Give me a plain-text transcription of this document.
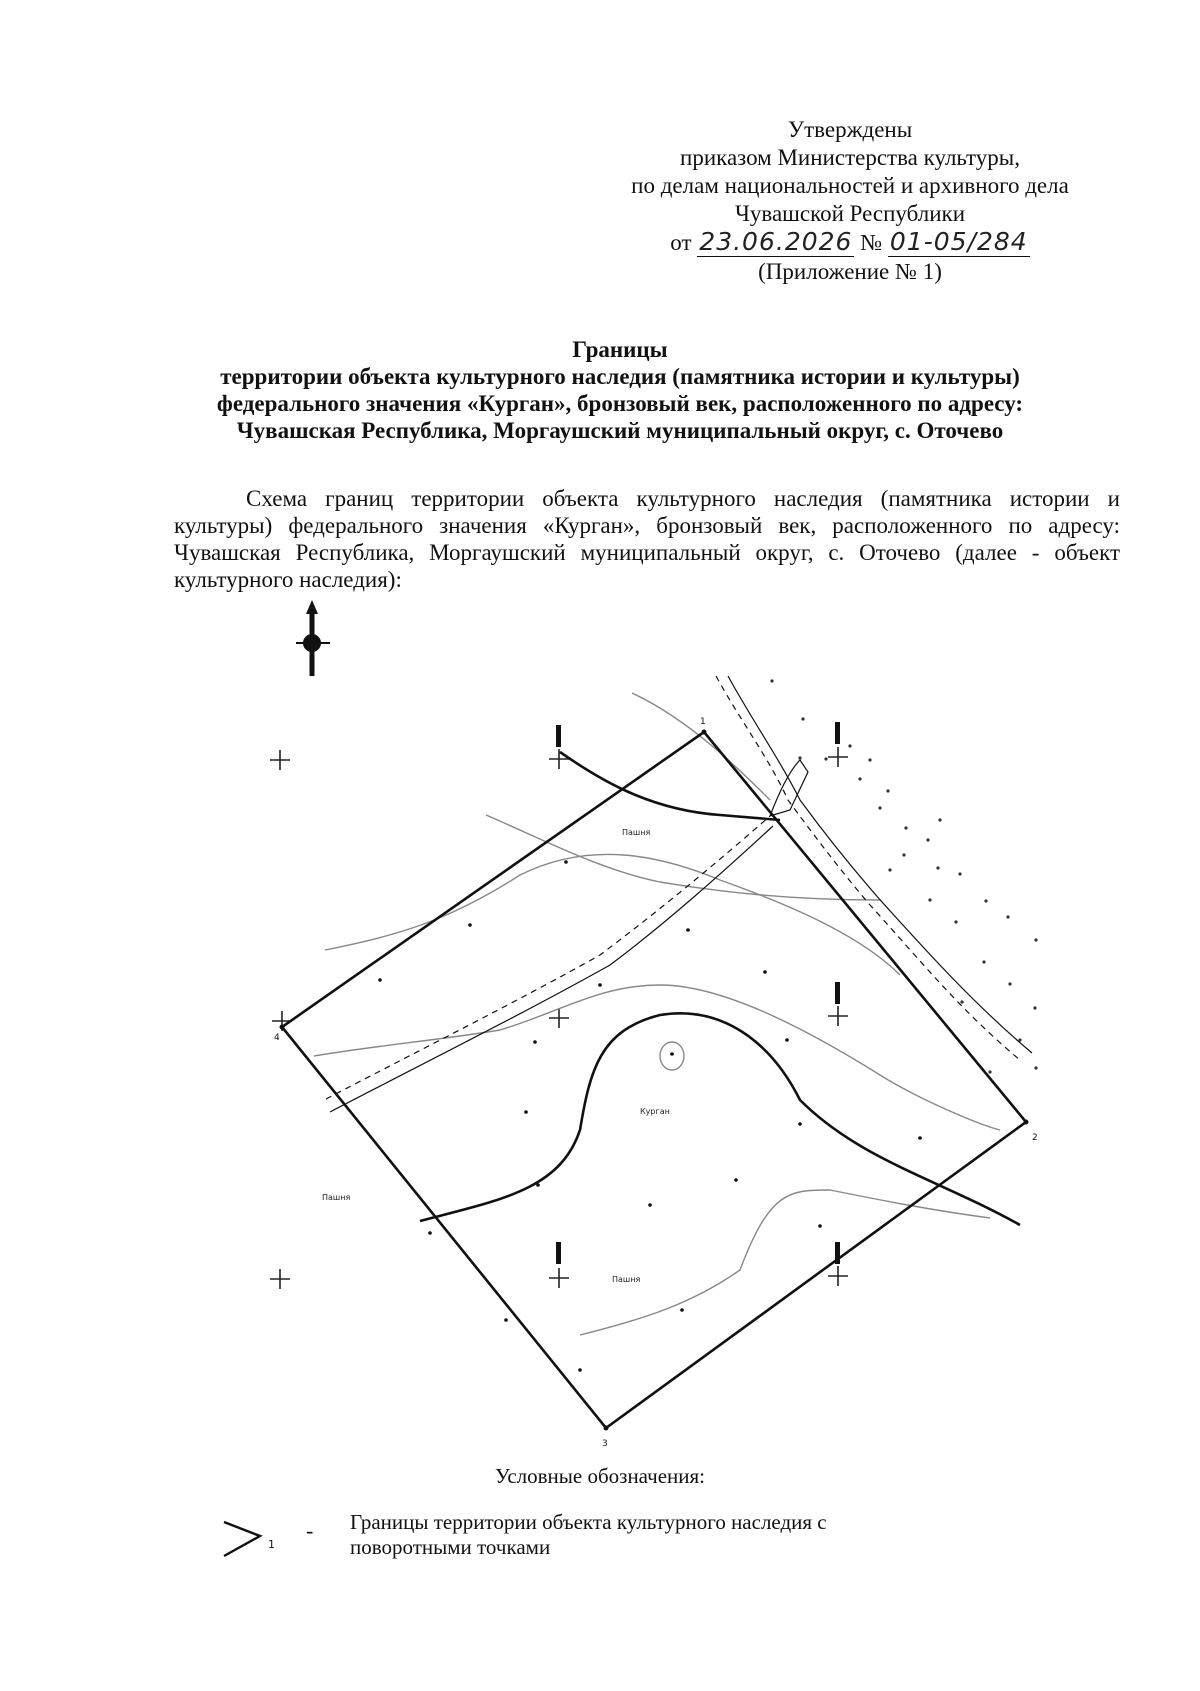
Утверждены
приказом Министерства культуры,
по делам национальностей и архивного дела
Чувашской Республики
от 23.06.2026 № 01-05/284
(Приложение № 1)
Границы
территории объекта культурного наследия (памятника истории и культуры)
федерального значения «Курган», бронзовый век, расположенного по адресу:
Чувашская Республика, Моргаушский муниципальный округ, с. Оточево

Схема границ территории объекта культурного наследия (памятника истории и культуры) федерального значения «Курган», бронзовый век, расположенного по адресу: Чувашская Республика, Моргаушский муниципальный округ, с. Оточево (далее - объект культурного наследия):

1
2
3
4
Пашня
Курган
Пашня
Пашня
1
Условные обозначения:
- Границы территории объекта культурного наследия с поворотными точками
